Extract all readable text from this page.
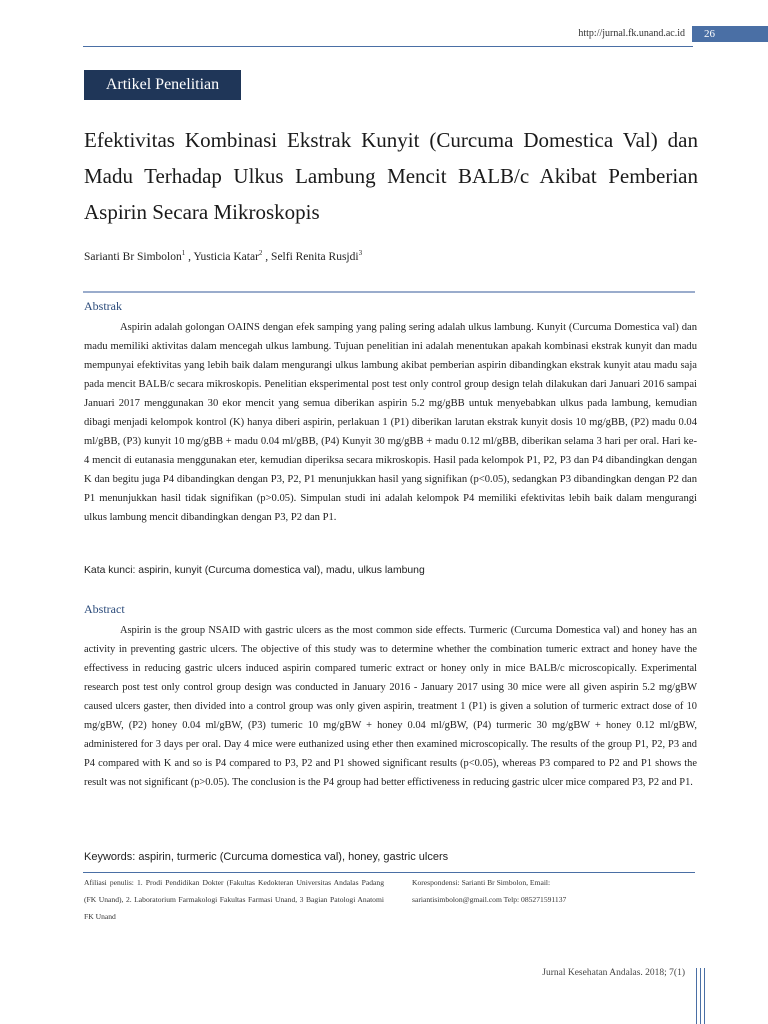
http://jurnal.fk.unand.ac.id	26
Artikel Penelitian
Efektivitas Kombinasi Ekstrak Kunyit (Curcuma Domestica Val) dan Madu Terhadap Ulkus Lambung Mencit BALB/c Akibat Pemberian Aspirin Secara Mikroskopis
Sarianti Br Simbolon$^1$ , Yusticia Katar$^2$ , Selfi Renita Rusjdi$^3$
Abstrak

Aspirin adalah golongan OAINS dengan efek samping yang paling sering adalah ulkus lambung. Kunyit (Curcuma Domestica val) dan madu memiliki aktivitas dalam mencegah ulkus lambung. Tujuan penelitian ini adalah menentukan apakah kombinasi ekstrak kunyit dan madu mempunyai efektivitas yang lebih baik dalam mengurangi ulkus lambung akibat pemberian aspirin dibandingkan ekstrak kunyit atau madu saja pada mencit BALB/c secara mikroskopis. Penelitian eksperimental post test only control group design telah dilakukan dari Januari 2016 sampai Januari 2017 menggunakan 30 ekor mencit yang semua diberikan aspirin 5.2 mg/gBB untuk menyebabkan ulkus pada lambung, kemudian dibagi menjadi kelompok kontrol (K) hanya diberi aspirin, perlakuan 1 (P1) diberikan larutan ekstrak kunyit dosis 10 mg/gBB, (P2) madu 0.04 ml/gBB, (P3) kunyit 10 mg/gBB + madu 0.04 ml/gBB, (P4) Kunyit 30 mg/gBB + madu 0.12 ml/gBB, diberikan selama 3 hari per oral. Hari ke-4 mencit di eutanasia menggunakan eter, kemudian diperiksa secara mikroskopis. Hasil pada kelompok P1, P2, P3 dan P4 dibandingkan dengan K dan begitu juga P4 dibandingkan dengan P3, P2, P1 menunjukkan hasil yang signifikan (p<0.05), sedangkan P3 dibandingkan dengan P2 dan P1 menunjukkan hasil tidak signifikan (p>0.05). Simpulan studi ini adalah kelompok P4 memiliki efektivitas lebih baik dalam mengurangi ulkus lambung mencit dibandingkan dengan P3, P2 dan P1.

Kata kunci: aspirin, kunyit (Curcuma domestica val), madu, ulkus lambung
Abstract

Aspirin is the group NSAID with gastric ulcers as the most common side effects. Turmeric (Curcuma Domestica val) and honey has an activity in preventing gastric ulcers. The objective of this study was to determine whether the combination tumeric extract and honey have the effectivess in reducing gastric ulcers induced aspirin compared tumeric extract or honey only in mice BALB/c microscopically. Experimental research post test only control group design was conducted in January 2016 - January 2017 using 30 mice were all given aspirin 5.2 mg/gBW caused ulcers gaster, then divided into a control group was only given aspirin, treatment 1 (P1) is given a solution of turmeric extract dose of 10 mg/gBW, (P2) honey 0.04 ml/gBW, (P3) tumeric 10 mg/gBW + honey 0.04 ml/gBW, (P4) turmeric 30 mg/gBW + honey 0.12 ml/gBW, administered for 3 days per oral. Day 4 mice were euthanized using ether then examined microscopically. The results of the group P1, P2, P3 and P4 compared with K and so is P4 compared to P3, P2 and P1 showed significant results (p<0.05), whereas P3 compared to P2 and P1 shows the result was not significant (p>0.05). The conclusion is the P4 group had better effictiveness in reducing gastric ulcer mice compared P3, P2 and P1.

Keywords: aspirin, turmeric (Curcuma domestica val), honey, gastric ulcers
Afiliasi penulis: 1. Prodi Pendidikan Dokter (Fakultas Kedokteran Universitas Andalas Padang (FK Unand), 2. Laboratorium Farmakologi Fakultas Farmasi Unand, 3 Bagian Patologi Anatomi FK Unand
Korespondensi: Sarianti Br Simbolon, Email:
sariantisimbolon@gmail.com Telp: 085271591137
Jurnal Kesehatan Andalas. 2018; 7(1)
